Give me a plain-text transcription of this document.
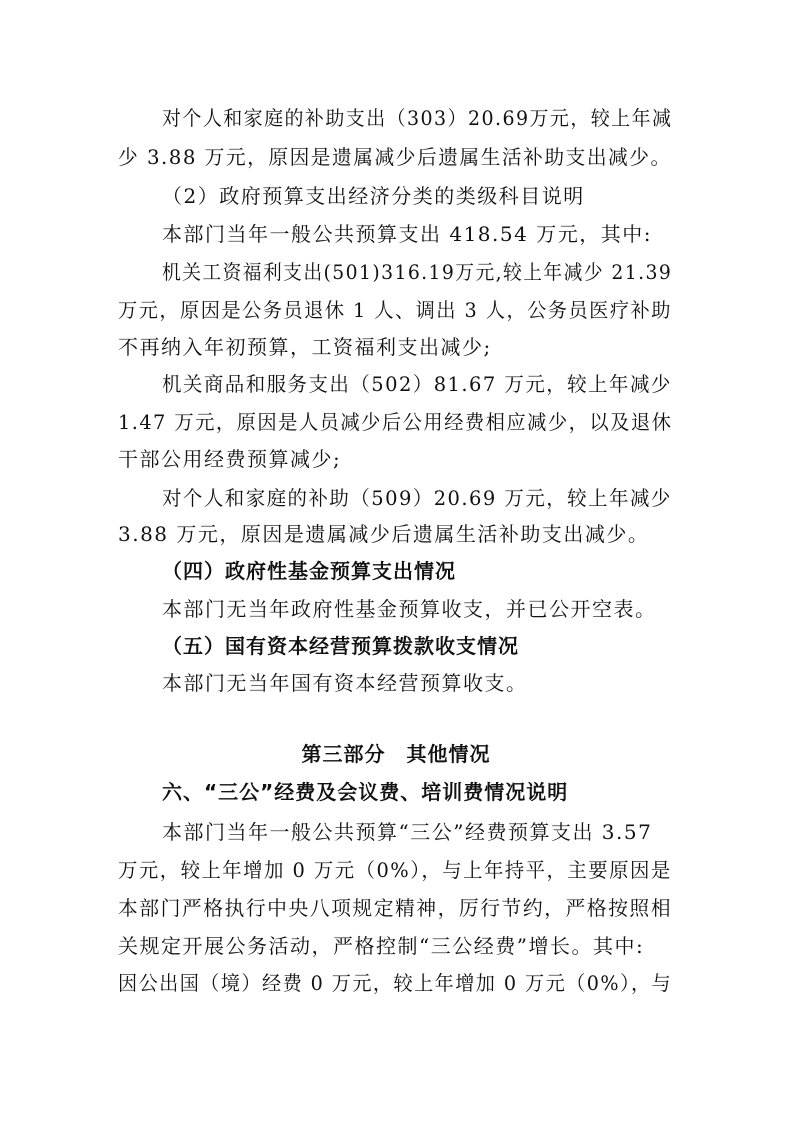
对个人和家庭的补助支出（303）20.69万元，较上年减
少 3.88 万元，原因是遗属减少后遗属生活补助支出减少。
（2）政府预算支出经济分类的类级科目说明
本部门当年一般公共预算支出 418.54 万元，其中:
机关工资福利支出(501)316.19万元,较上年减少 21.39
万元，原因是公务员退休 1 人、调出 3 人，公务员医疗补助
不再纳入年初预算，工资福利支出减少;
机关商品和服务支出（502）81.67 万元，较上年减少
1.47 万元，原因是人员减少后公用经费相应减少，以及退休
干部公用经费预算减少;
对个人和家庭的补助（509）20.69 万元，较上年减少
3.88 万元，原因是遗属减少后遗属生活补助支出减少。
（四）政府性基金预算支出情况
本部门无当年政府性基金预算收支，并已公开空表。
（五）国有资本经营预算拨款收支情况
本部门无当年国有资本经营预算收支。
第三部分　其他情况
六、“三公”经费及会议费、培训费情况说明
本部门当年一般公共预算“三公”经费预算支出 3.57
万元，较上年增加 0 万元（0%），与上年持平，主要原因是
本部门严格执行中央八项规定精神，厉行节约，严格按照相
关规定开展公务活动，严格控制“三公经费”增长。其中:
因公出国（境）经费 0 万元，较上年增加 0 万元（0%），与
